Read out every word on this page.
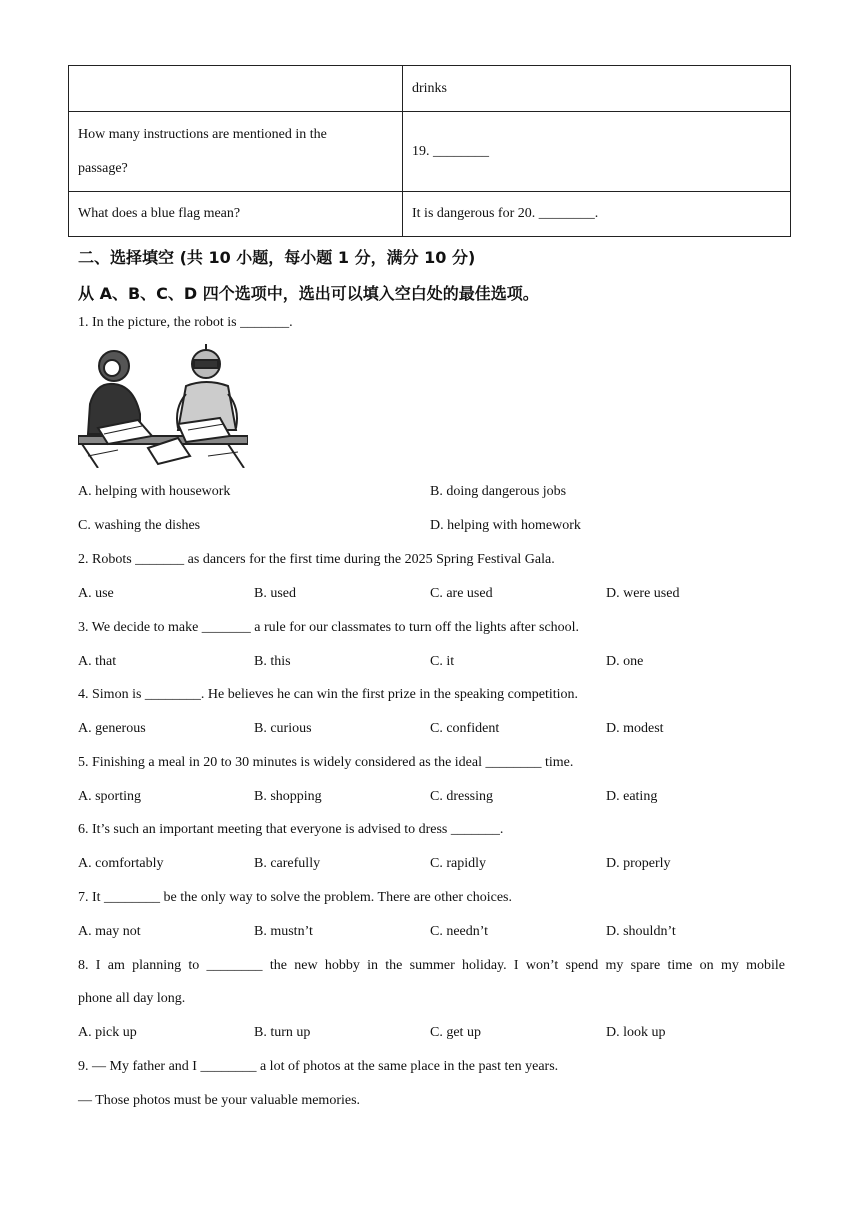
	drinks

How many instructions are mentioned in the
passage?	19. ________
What does a blue flag mean?	It is dangerous for 20. ________.
二、选择填空 (共 10 小题，每小题 1 分，满分 10 分)
从 A、B、C、D 四个选项中，选出可以填入空白处的最佳选项。
1. In the picture, the robot is _______.
A. helping with housework	B. doing dangerous jobs
C. washing the dishes	D. helping with homework
2. Robots _______ as dancers for the first time during the 2025 Spring Festival Gala.
A. use	B. used	C. are used	D. were used
3. We decide to make _______ a rule for our classmates to turn off the lights after school.
A. that	B. this	C. it	D. one
4. Simon is ________. He believes he can win the first prize in the speaking competition.
A. generous	B. curious	C. confident	D. modest
5. Finishing a meal in 20 to 30 minutes is widely considered as the ideal ________ time.
A. sporting	B. shopping	C. dressing	D. eating
6. It’s such an important meeting that everyone is advised to dress _______.
A. comfortably	B. carefully	C. rapidly	D. properly
7. It ________ be the only way to solve the problem. There are other choices.
A. may not	B. mustn’t	C. needn’t	D. shouldn’t
8. I am planning to ________ the new hobby in the summer holiday. I won’t spend my spare time on my mobile
phone all day long.
A. pick up	B. turn up	C. get up	D. look up
9. — My father and I ________ a lot of photos at the same place in the past ten years.
— Those photos must be your valuable memories.
